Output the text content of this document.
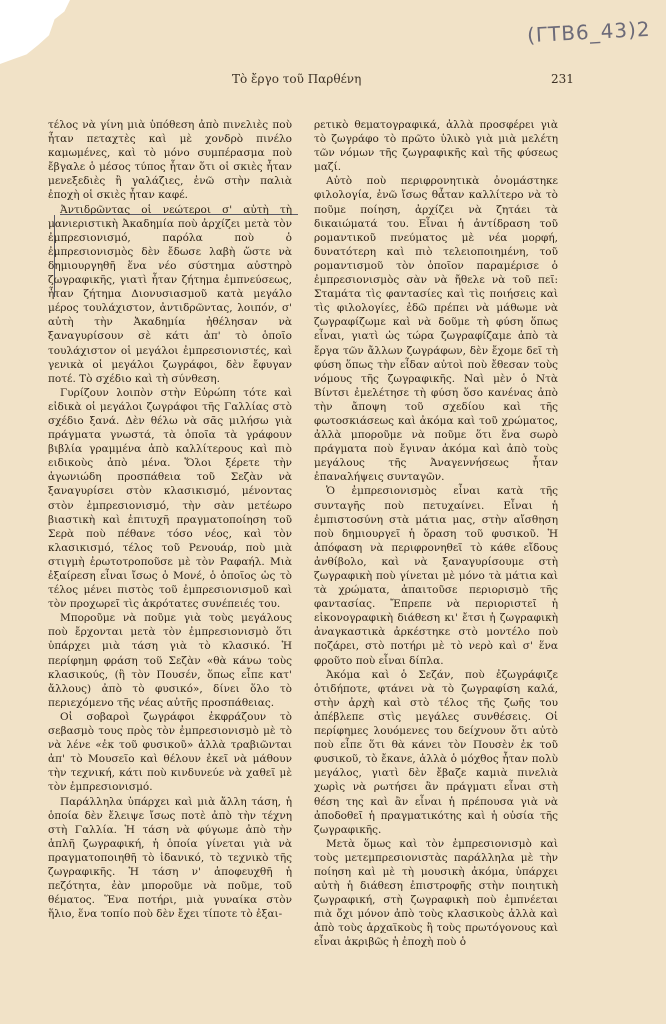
(ΓΤΒ6_43)2
Τὸ ἔργο τοῦ Παρθένη	231

τέλος νὰ γίνη μιὰ ὑπόθεση ἀπὸ πινελιὲς ποὺ ἦταν πεταχτὲς καὶ μὲ χονδρὸ πινέλο καμωμένες, καὶ τὸ μόνο συμπέρασμα ποὺ ἔβγαλε ὁ μέσος τύπος ἦταν ὅτι οἱ σκιὲς ἦταν μενεξεδιὲς ἢ γαλάζιες, ἐνῶ στὴν παλιὰ ἐποχὴ οἱ σκιὲς ἦταν καφέ.

Ἀντιδρῶντας οἱ νεώτεροι σ' αὐτὴ τὴ μανιεριστικὴ Ἀκαδημία ποὺ ἀρχίζει μετὰ τὸν ἐμπρεσιονισμό, παρόλα ποὺ ὁ ἐμπρεσιονισμὸς δὲν ἔδωσε λαβὴ ὥστε νὰ δημιουργηθῆ ἕνα νέο σύστημα αὐστηρὸ ζωγραφικῆς, γιατὶ ἦταν ζήτημα ἐμπνεύσεως, ἦταν ζήτημα Διονυσιασμοῦ κατὰ μεγάλο μέρος τουλάχιστον, ἀντιδρῶντας, λοιπόν, σ' αὐτὴ τὴν Ἀκαδημία ἠθέλησαν νὰ ξαναγυρίσουν σὲ κάτι ἀπ' τὸ ὁποῖο τουλάχιστον οἱ μεγάλοι ἐμπρεσιονιστές, καὶ γενικὰ οἱ μεγάλοι ζωγράφοι, δὲν ἔφυγαν ποτέ. Τὸ σχέδιο καὶ τὴ σύνθεση.

Γυρίζουν λοιπὸν στὴν Εὐρώπη τότε καὶ εἰδικὰ οἱ μεγάλοι ζωγράφοι τῆς Γαλλίας στὸ σχέδιο ξανά. Δὲν θέλω νὰ σᾶς μιλήσω γιὰ πράγματα γνωστά, τὰ ὁποῖα τὰ γράφουν βιβλία γραμμένα ἀπὸ καλλίτερους καὶ πιὸ ειδικοὺς ἀπὸ μένα. Ὅλοι ξέρετε τὴν ἀγωνιώδη προσπάθεια τοῦ Σεζὰν νὰ ξαναγυρίσει στὸν κλασικισμό, μένοντας στὸν ἐμπρεσιονισμό, τὴν σὰν μετέωρο βιαστικὴ καὶ ἐπιτυχῆ πραγματοποίηση τοῦ Σερὰ ποὺ πέθανε τόσο νέος, καὶ τὸν κλασικισμό, τέλος τοῦ Ρενουάρ, ποὺ μιὰ στιγμὴ ἐρωτοτροποῦσε μὲ τὸν Ραφαήλ. Μιὰ ἐξαίρεση εἶναι ἴσως ὁ Μονέ, ὁ ὁποῖος ὡς τὸ τέλος μένει πιστὸς τοῦ ἐμπρεσιονισμοῦ καὶ τὸν προχωρεῖ τὶς ἀκρότατες συνέπειές του.

Μποροῦμε νὰ ποῦμε γιὰ τοὺς μεγάλους ποὺ ἔρχονται μετὰ τὸν ἐμπρεσιονισμὸ ὅτι ὑπάρχει μιὰ τάση γιὰ τὸ κλασικό. Ἡ περίφημη φράση τοῦ Σεζὰν «θὰ κάνω τοὺς κλασικούς, (ἢ τὸν Πουσέν, ὅπως εἶπε κατ' ἄλλους) ἀπὸ τὸ φυσικό», δίνει ὅλο τὸ περιεχόμενο τῆς νέας αὐτῆς προσπάθειας.

Οἱ σοβαροὶ ζωγράφοι ἐκφράζουν τὸ σεβασμὸ τους πρὸς τὸν ἐμπρεσιονισμὸ μὲ τὸ νὰ λένε «ἐκ τοῦ φυσικοῦ» ἀλλὰ τραβιῶνται ἀπ' τὸ Μουσεῖο καὶ θέλουν ἐκεῖ νὰ μάθουν τὴν τεχνική, κάτι ποὺ κινδυνεύε νὰ χαθεῖ μὲ τὸν ἐμπρεσιονισμό.

Παράλληλα ὑπάρχει καὶ μιὰ ἄλλη τάση, ἡ ὁποία δὲν ἔλειψε ἴσως ποτὲ ἀπὸ τὴν τέχνη στὴ Γαλλία. Ἡ τάση νὰ φύγωμε ἀπὸ τὴν ἁπλῆ ζωγραφική, ἡ ὁποία γίνεται γιὰ νὰ πραγματοποιηθῆ τὸ ἰδανικό, τὸ τεχνικὸ τῆς ζωγραφικῆς. Ἡ τάση ν' ἀποφευχθῆ ἡ πεζότητα, ἐὰν μποροῦμε νὰ ποῦμε, τοῦ θέματος. Ἕνα ποτήρι, μιὰ γυναίκα στὸν ἥλιο, ἕνα τοπίο ποὺ δὲν ἔχει τίποτε τὸ ἐξαι-

ρετικὸ θεματογραφικά, ἀλλὰ προσφέρει γιὰ τὸ ζωγράφο τὸ πρῶτο ὑλικὸ γιὰ μιὰ μελέτη τῶν νόμων τῆς ζωγραφικῆς καὶ τῆς φύσεως μαζί.

Αὐτὸ ποὺ περιφρονητικὰ ὀνομάστηκε φιλολογία, ἐνῶ ἴσως θἆταν καλλίτερο νὰ τὸ ποῦμε ποίηση, ἀρχίζει νὰ ζητάει τὰ δικαιώματά του. Εἶναι ἡ ἀντίδραση τοῦ ρομαντικοῦ πνεύματος μὲ νέα μορφή, δυνατότερη καὶ πιὸ τελειοποιημένη, τοῦ ρομαντισμοῦ τὸν ὁποῖον παραμέρισε ὁ ἐμπρεσιονισμὸς σὰν νὰ ἤθελε νὰ τοῦ πεῖ: Σταμάτα τὶς φαντασίες καὶ τὶς ποιήσεις καὶ τὶς φιλολογίες, ἐδῶ πρέπει νὰ μάθωμε νὰ ζωγραφίζωμε καὶ νὰ δοῦμε τὴ φύση ὅπως εἶναι, γιατὶ ὡς τώρα ζωγραφίζαμε ἀπὸ τὰ ἔργα τῶν ἄλλων ζωγράφων, δὲν ἔχομε δεῖ τὴ φύση ὅπως τὴν εἶδαν αὐτοὶ ποὺ ἔθεσαν τοὺς νόμους τῆς ζωγραφικῆς. Ναὶ μὲν ὁ Ντὰ Βίντσι ἐμελέτησε τὴ φύση ὅσο κανένας ἀπὸ τὴν ἄποψη τοῦ σχεδίου καὶ τῆς φωτοσκιάσεως καὶ ἀκόμα καὶ τοῦ χρώματος, ἀλλὰ μποροῦμε νὰ ποῦμε ὅτι ἕνα σωρὸ πράγματα ποὺ ἔγιναν ἀκόμα καὶ ἀπὸ τοὺς μεγάλους τῆς Ἀναγεννήσεως ἦταν ἐπαναλήψεις συνταγῶν.

Ὁ ἐμπρεσιονισμὸς εἶναι κατὰ τῆς συνταγῆς ποὺ πετυχαίνει. Εἶναι ἡ ἐμπιστοσύνη στὰ μάτια μας, στὴν αἴσθηση ποὺ δημιουργεῖ ἡ ὅραση τοῦ φυσικοῦ. Ἡ ἀπόφαση νὰ περιφρονηθεῖ τὸ κάθε εἴδους ἀνθίβολο, καὶ νὰ ξαναγυρίσουμε στὴ ζωγραφικὴ ποὺ γίνεται μὲ μόνο τὰ μάτια καὶ τὰ χρώματα, ἀπαιτοῦσε περιορισμὸ τῆς φαντασίας. Ἔπρεπε νὰ περιοριστεῖ ἡ εἰκονογραφικὴ διάθεση κι' ἔτσι ἡ ζωγραφικὴ ἀναγκαστικὰ ἀρκέστηκε στὸ μοντέλο ποὺ ποζάρει, στὸ ποτήρι μὲ τὸ νερὸ καὶ σ' ἕνα φροῦτο ποὺ εἶναι δίπλα.

Ἀκόμα καὶ ὁ Σεζάν, ποὺ ἐζωγράφιζε ὁτιδήποτε, φτάνει νὰ τὸ ζωγραφίση καλά, στὴν ἀρχὴ καὶ στὸ τέλος τῆς ζωῆς του ἀπέβλεπε στὶς μεγάλες συνθέσεις. Οἱ περίφημες λουόμενες του δείχνουν ὅτι αὐτὸ ποὺ εἶπε ὅτι θὰ κάνει τὸν Πουσὲν ἐκ τοῦ φυσικοῦ, τὸ ἔκανε, ἀλλὰ ὁ μόχθος ἦταν πολὺ μεγάλος, γιατὶ δὲν ἔβαζε καμιὰ πινελιὰ χωρὶς νὰ ρωτήσει ἂν πράγματι εἶναι στὴ θέση της καὶ ἂν εἶναι ἡ πρέπουσα γιὰ νὰ ἀποδοθεῖ ἡ πραγματικότης καὶ ἡ οὐσία τῆς ζωγραφικῆς.

Μετὰ ὅμως καὶ τὸν ἐμπρεσιονισμὸ καὶ τοὺς μετεμπρεσιονιστὰς παράλληλα μὲ τὴν ποίηση καὶ μὲ τὴ μουσικὴ ἀκόμα, ὑπάρχει αὐτὴ ἡ διάθεση ἐπιστροφῆς στὴν ποιητικὴ ζωγραφική, στὴ ζωγραφικὴ ποὺ ἐμπνέεται πιὰ ὄχι μόνον ἀπὸ τοὺς κλασικοὺς ἀλλὰ καὶ ἀπὸ τοὺς ἀρχαϊκοὺς ἢ τοὺς πρωτόγονους καὶ εἶναι ἀκριβῶς ἡ ἐποχὴ ποὺ ὁ
